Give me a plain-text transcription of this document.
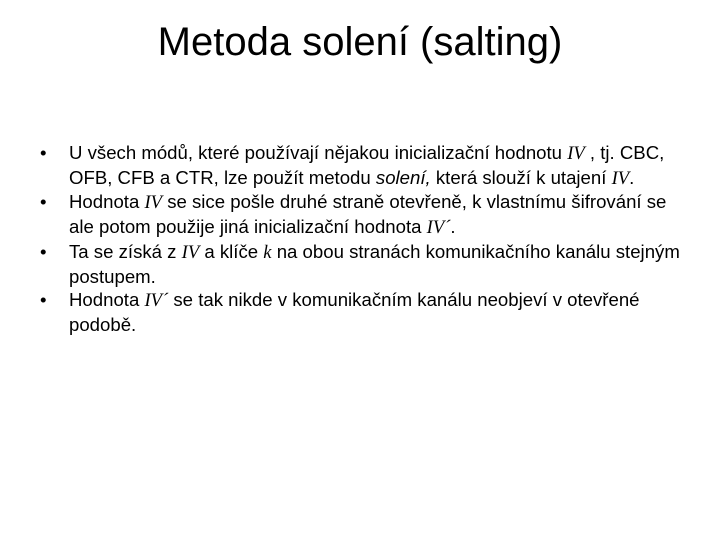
Metoda solení (salting)
•	U všech módů, které používají nějakou inicializační hodnotu IV , tj. CBC, OFB, CFB a CTR, lze použít metodu solení, která slouží k utajení IV.
•	Hodnota IV se sice pošle druhé straně otevřeně, k vlastnímu šifrování se ale potom použije jiná inicializační hodnota IV´.
•	Ta se získá z IV a klíče k na obou stranách komunikačního kanálu stejným postupem.
•	Hodnota IV´ se tak nikde v komunikačním kanálu neobjeví v otevřené podobě.
